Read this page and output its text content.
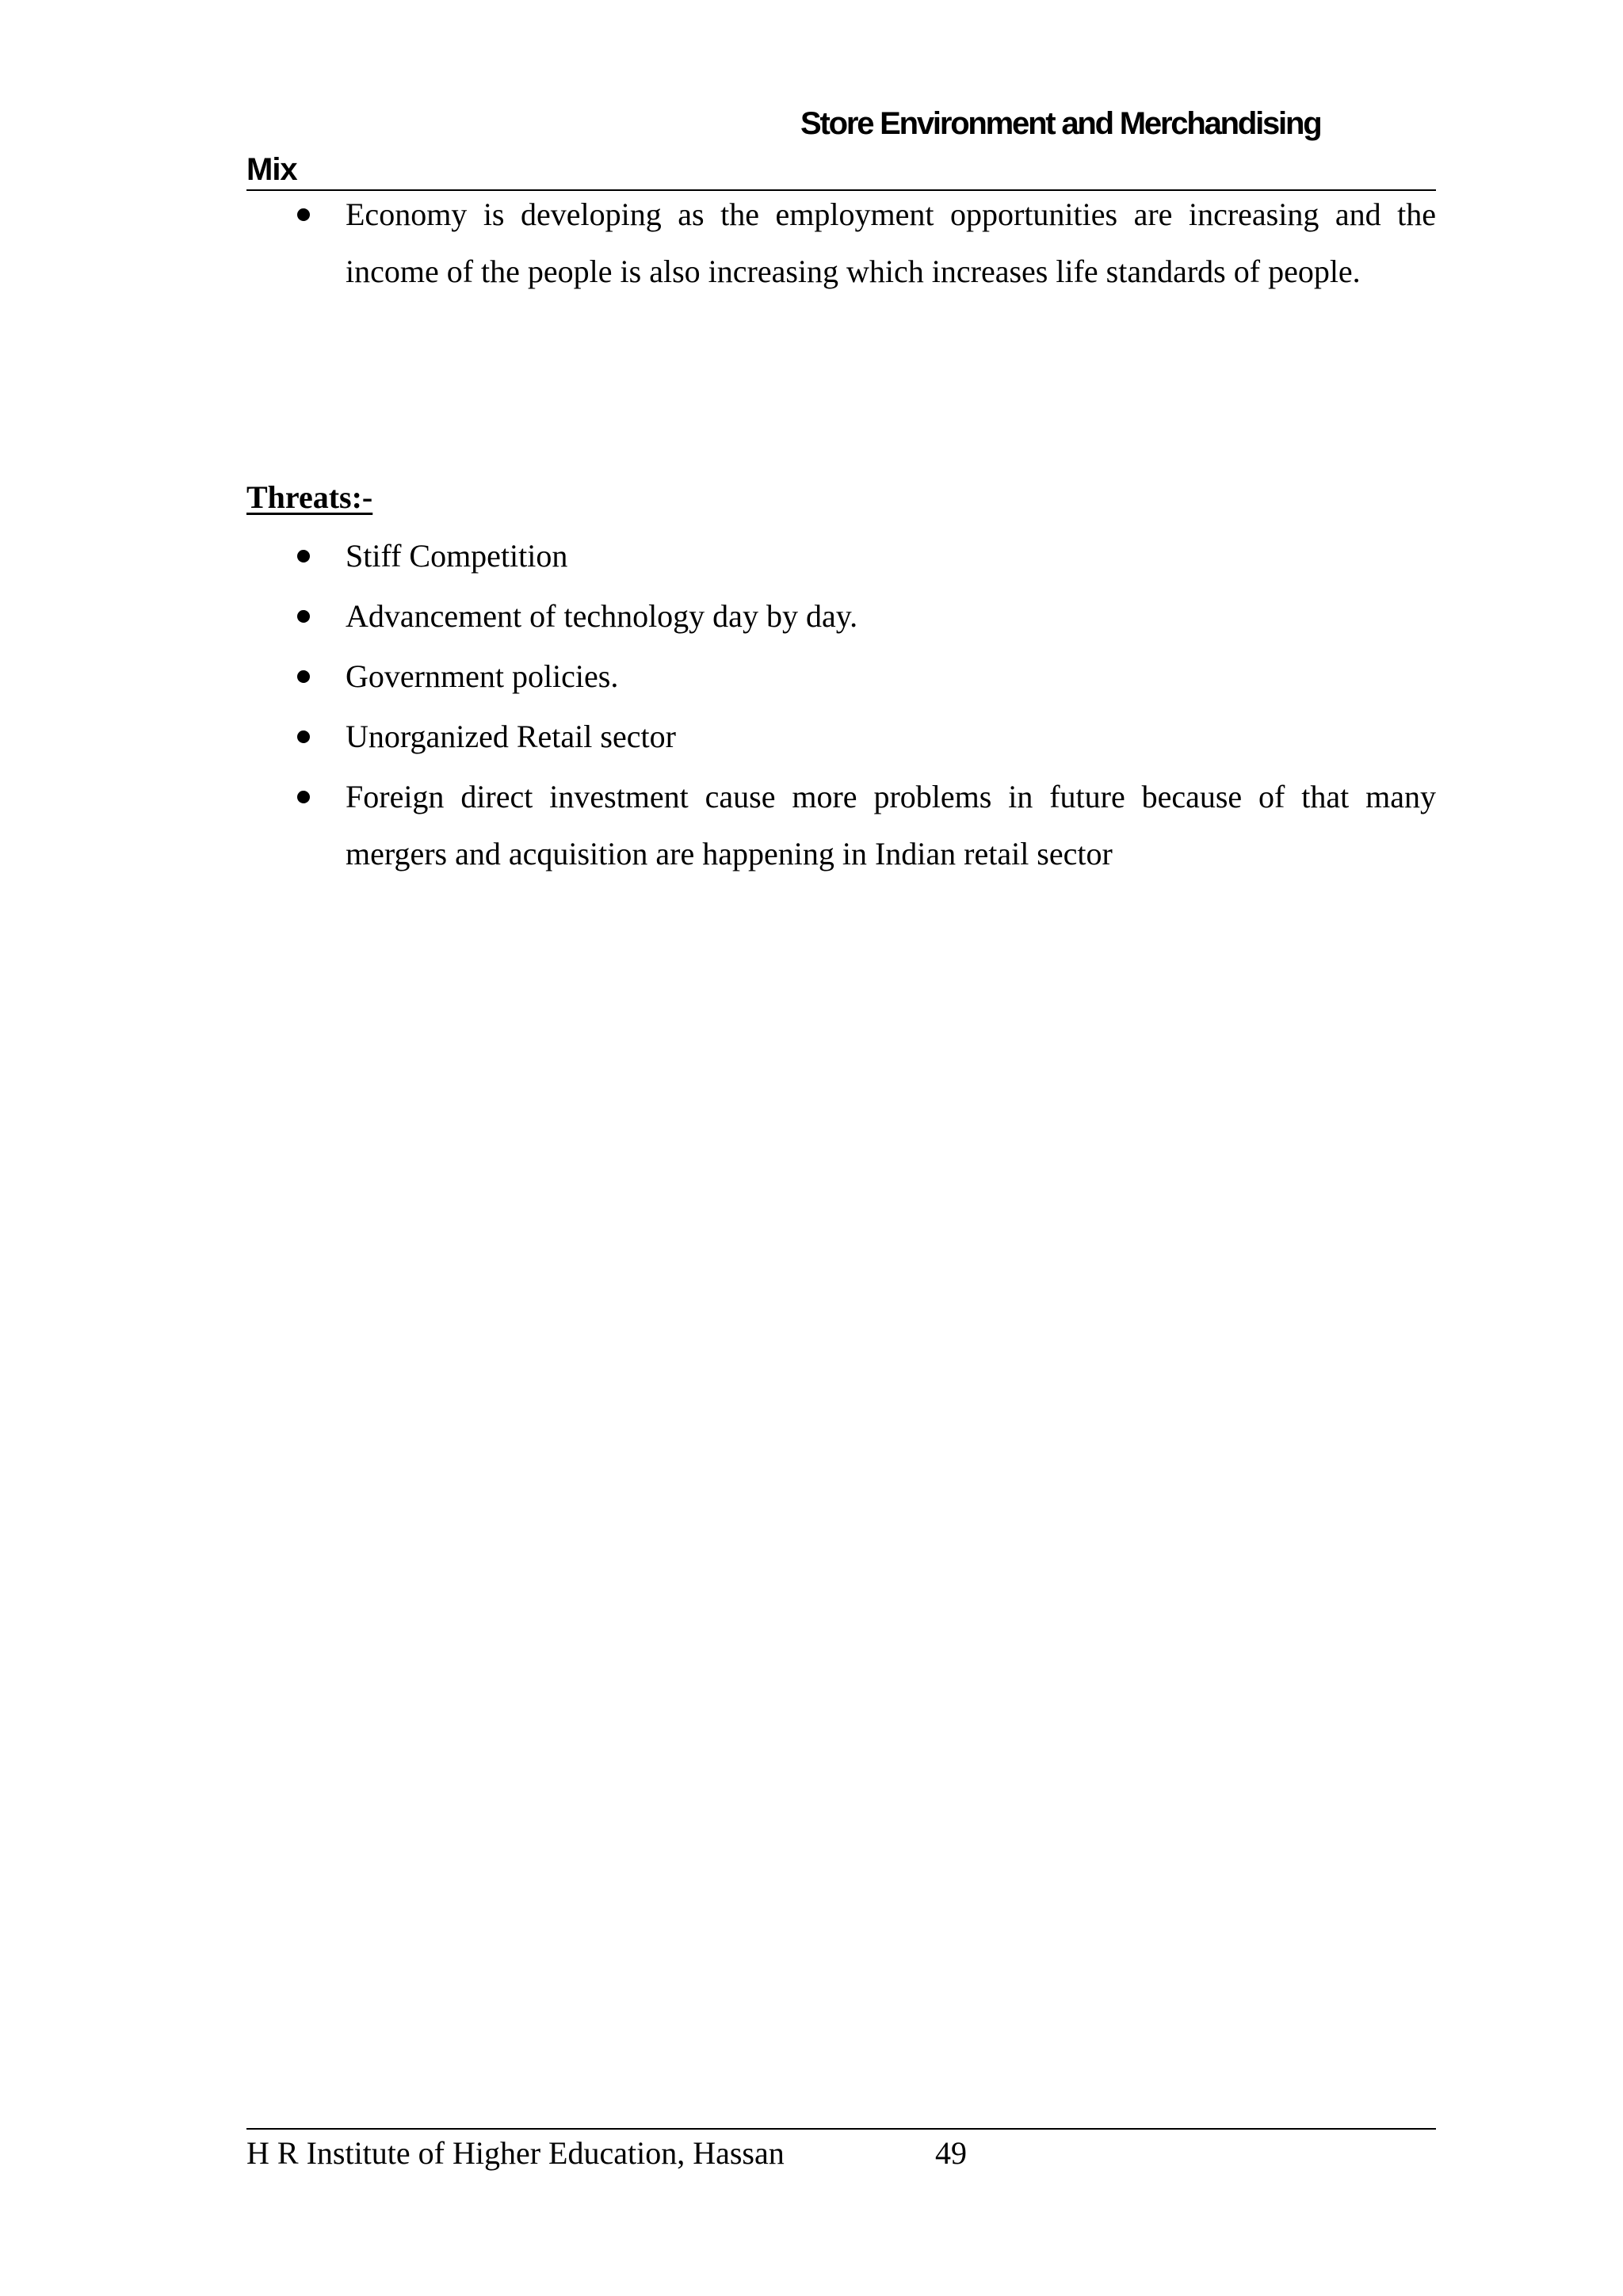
Store Environment and Merchandising
Mix
Economy is developing as the employment opportunities are increasing and the income of the people is also increasing which increases life standards of people.
Threats:-
Stiff Competition
Advancement of technology day by day.
Government policies.
Unorganized Retail sector
Foreign direct investment cause more problems in future because of that many mergers and acquisition are happening in Indian retail sector
H R Institute of Higher Education, Hassan	49
